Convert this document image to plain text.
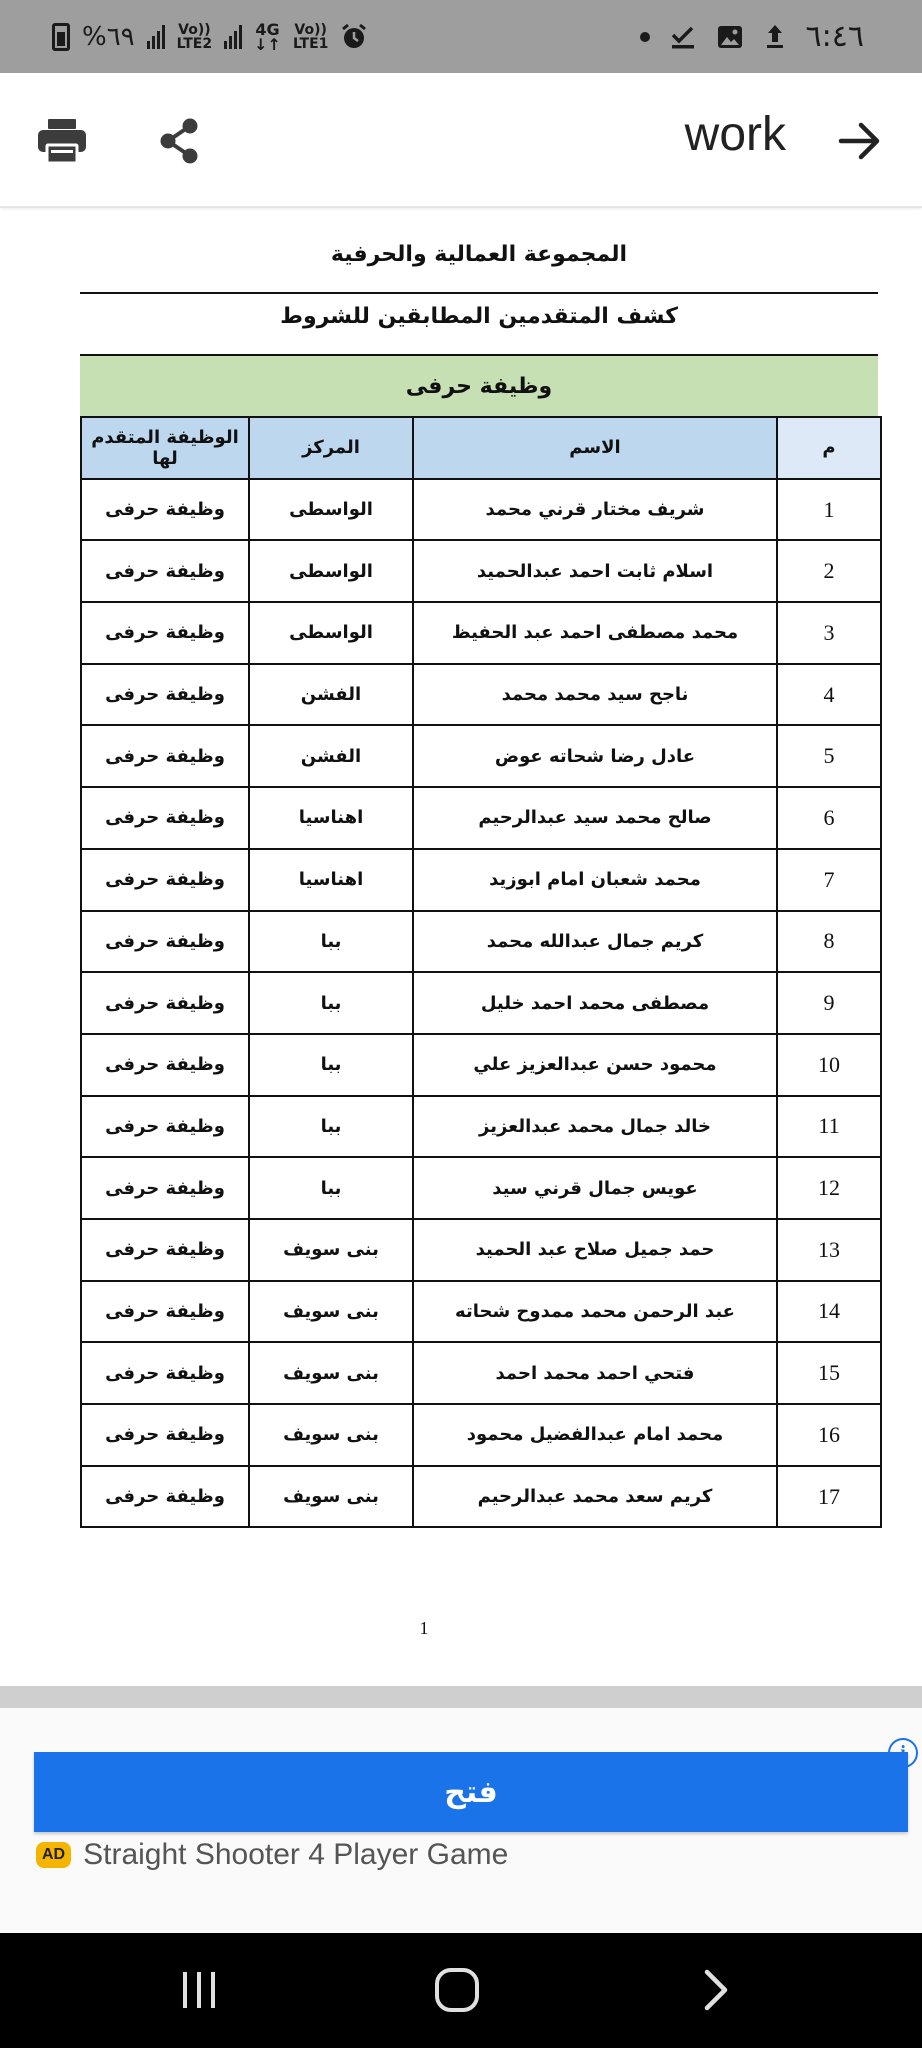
%٦٩	Vo))
LTE2
4G
↓↑
Vo))
LTE1	٦:٤٦
work
المجموعة العمالية والحرفية
كشف المتقدمين المطابقين للشروط
وظيفة حرفى
م	الاسم	المركز	الوظيفة المتقدم لها
1	شريف مختار قرني محمد	الواسطى	وظيفة حرفى
2	اسلام ثابت احمد عبدالحميد	الواسطى	وظيفة حرفى
3	محمد مصطفى احمد عبد الحفيظ	الواسطى	وظيفة حرفى
4	ناجح سيد محمد محمد	الفشن	وظيفة حرفى
5	عادل رضا شحاته عوض	الفشن	وظيفة حرفى
6	صالح محمد سيد عبدالرحيم	اهناسيا	وظيفة حرفى
7	محمد شعبان امام ابوزيد	اهناسيا	وظيفة حرفى
8	كريم جمال عبدالله محمد	ببا	وظيفة حرفى
9	مصطفى محمد احمد خليل	ببا	وظيفة حرفى
10	محمود حسن عبدالعزيز علي	ببا	وظيفة حرفى
11	خالد جمال محمد عبدالعزيز	ببا	وظيفة حرفى
12	عويس جمال قرني سيد	ببا	وظيفة حرفى
13	حمد جميل صلاح عبد الحميد	بنى سويف	وظيفة حرفى
14	عبد الرحمن محمد ممدوح شحاته	بنى سويف	وظيفة حرفى
15	فتحي احمد محمد احمد	بنى سويف	وظيفة حرفى
16	محمد امام عبدالفضيل محمود	بنى سويف	وظيفة حرفى
17	كريم سعد محمد عبدالرحيم	بنى سويف	وظيفة حرفى
1
فتح
AD Straight Shooter 4 Player Game
